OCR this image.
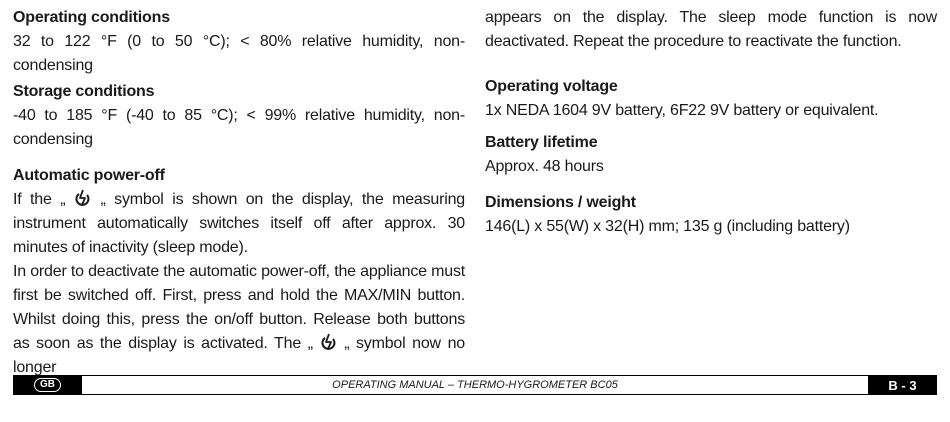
Operating conditions

32 to 122 °F (0 to 50 °C); < 80% relative humidity, non-condensing

Storage conditions

-40 to 185 °F (-40 to 85 °C); < 99% relative humidity, non-condensing

Automatic power-off

If the „  „ symbol is shown on the display, the measuring instrument automatically switches itself off after approx. 30 minutes of inactivity (sleep mode).

In order to deactivate the automatic power-off, the appliance must first be switched off. First, press and hold the MAX/MIN button. Whilst doing this, press the on/off button. Release both buttons as soon as the display is activated. The „  „ symbol now no longer

appears on the display. The sleep mode function is now deactivated. Repeat the procedure to reactivate the function.

Operating voltage

1x NEDA 1604 9V battery, 6F22 9V battery or equivalent.

Battery lifetime

Approx. 48 hours

Dimensions / weight

146(L) x 55(W) x 32(H) mm; 135 g (including battery)

GB	OPERATING MANUAL – THERMO-HYGROMETER BC05	B - 3
